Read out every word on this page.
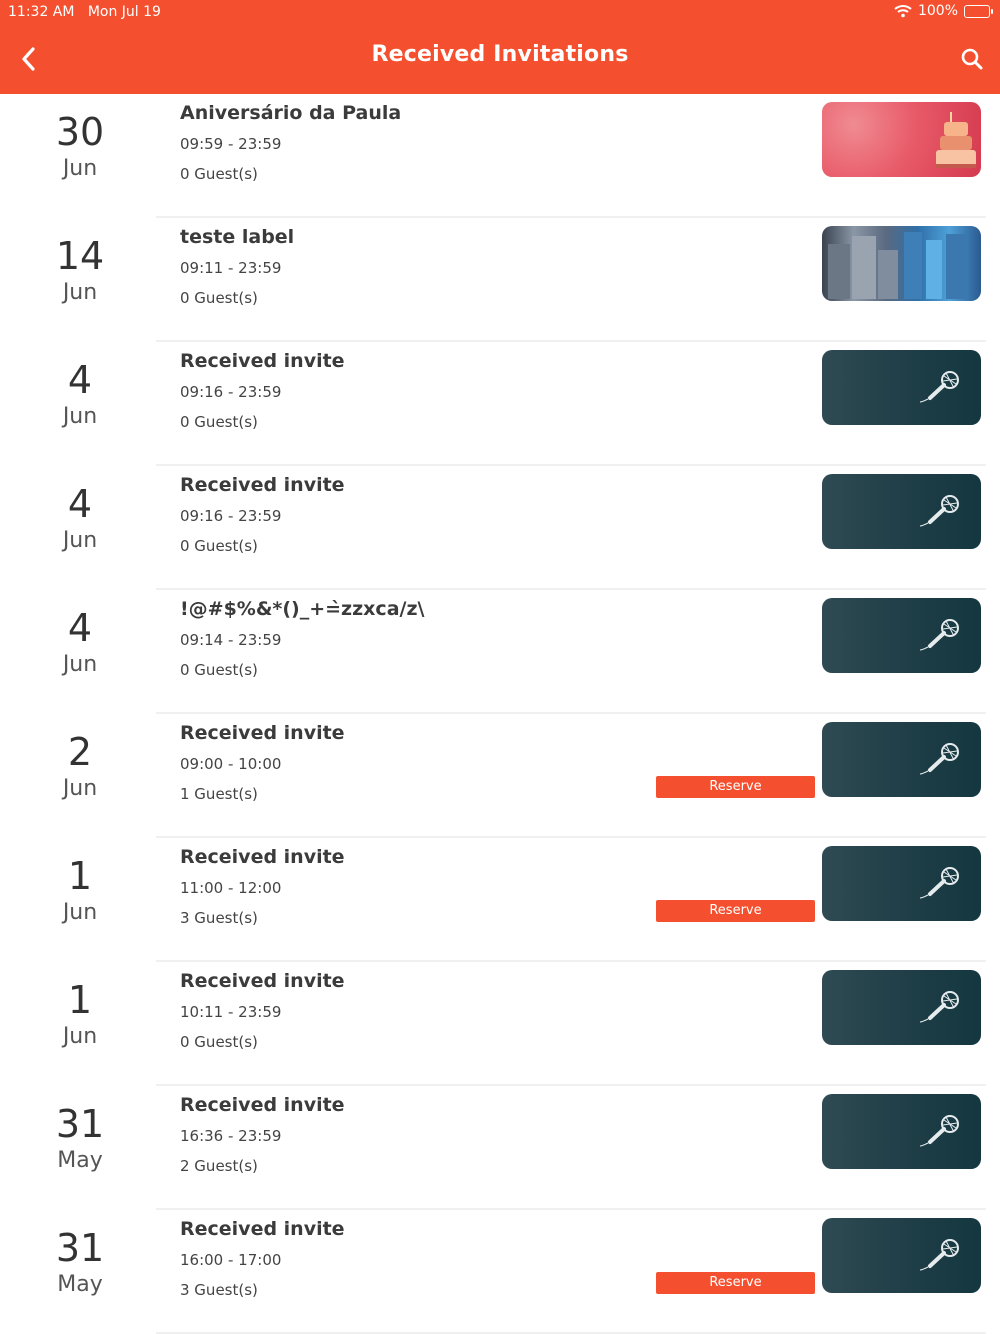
11:32 AM Mon Jul 19	100%
Received Invitations
30
Jun
Aniversário da Paula
09:59 - 23:59
0 Guest(s)
14
Jun
teste label
09:11 - 23:59
0 Guest(s)
4
Jun
Received invite
09:16 - 23:59
0 Guest(s)
4
Jun
Received invite
09:16 - 23:59
0 Guest(s)
4
Jun
!@#$%&*()_+=̀zzxca/z\
09:14 - 23:59
0 Guest(s)
2
Jun
Received invite
09:00 - 10:00
1 Guest(s)	Reserve
1
Jun
Received invite
11:00 - 12:00
3 Guest(s)	Reserve
1
Jun
Received invite
10:11 - 23:59
0 Guest(s)
31
May
Received invite
16:36 - 23:59
2 Guest(s)
31
May
Received invite
16:00 - 17:00
3 Guest(s)	Reserve
